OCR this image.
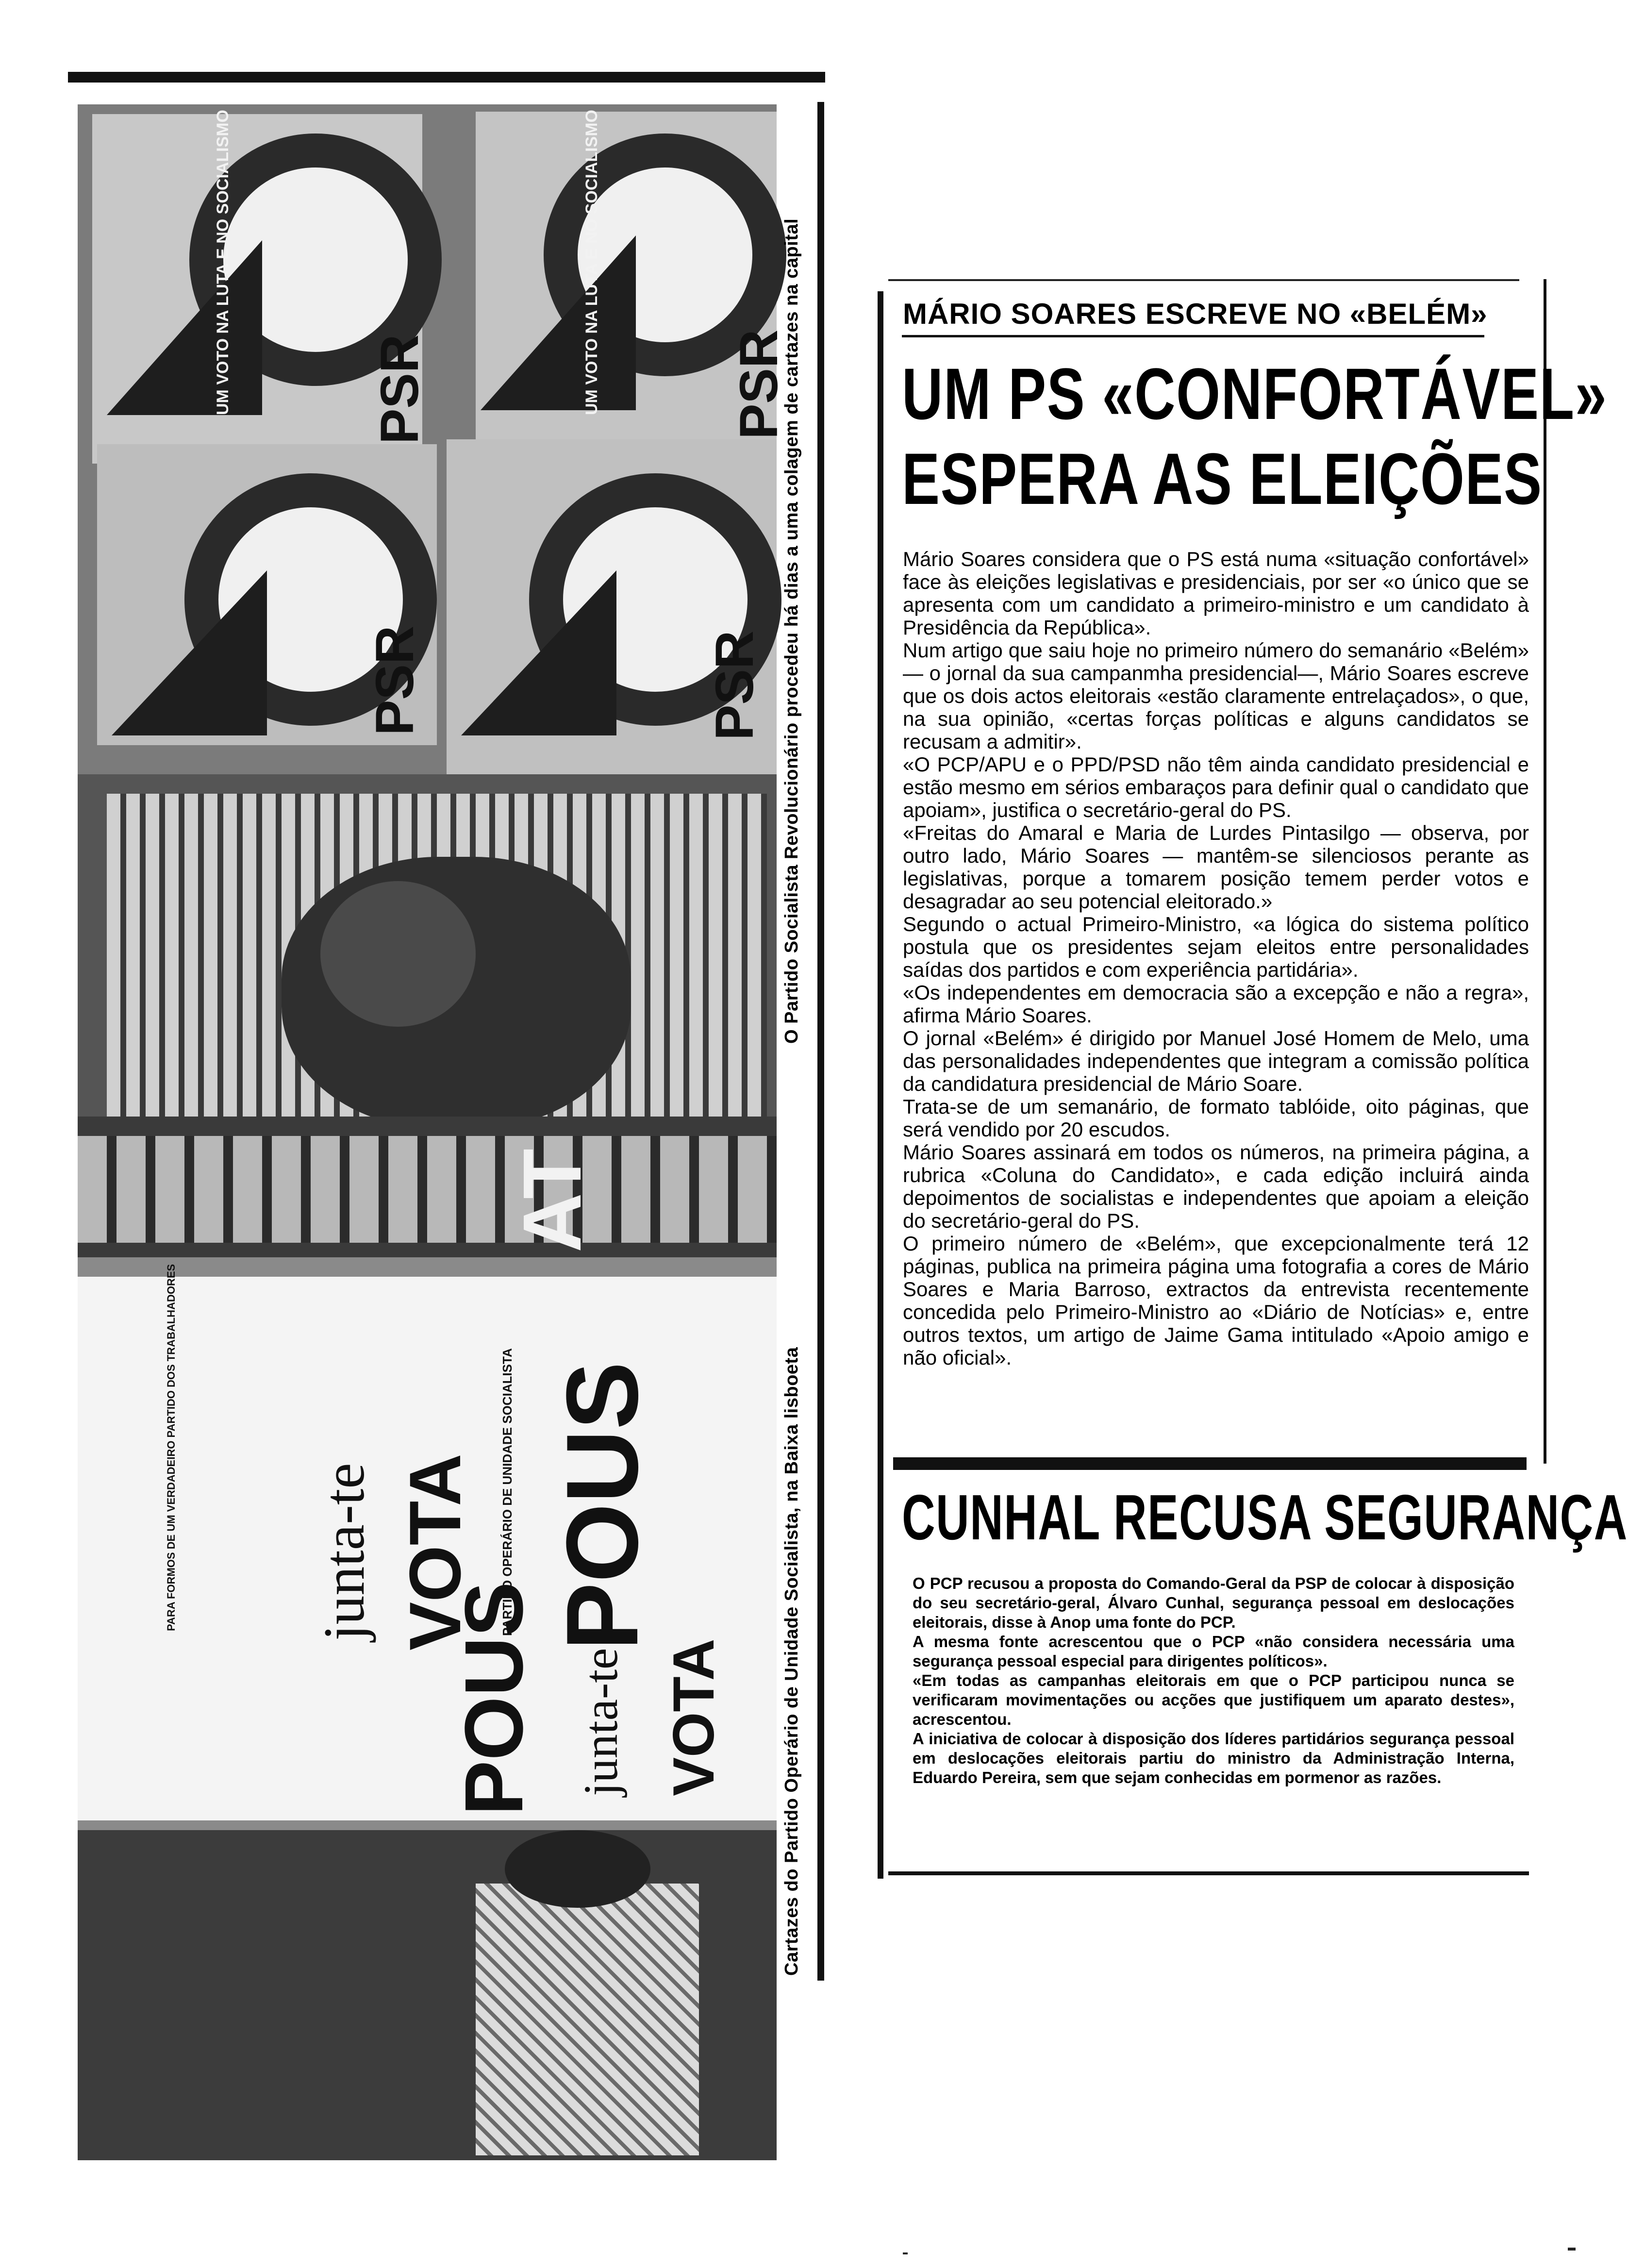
PSR	PSR
PSR	PSR
UM VOTO NA LUTA E NO SOCIALISMO	UM VOTO NA LUTA E NO SOCIALISMO
AT
POUS
VOTA
junta-te	PARTIDO OPERÁRIO DE UNIDADE SOCIALISTA
PARA FORMOS DE UM VERDADEIRO PARTIDO DOS TRABALHADORES
POUS junta-te VOTA
O Partido Socialista Revolucionário procedeu há dias a uma colagem de cartazes na capital
Cartazes do Partido Operário de Unidade Socialista, na Baixa lisboeta
MÁRIO SOARES ESCREVE NO «BELÉM»
UM PS «CONFORTÁVEL»
ESPERA AS ELEIÇÕES
Mário Soares considera que o PS está numa «situação confortável» face às eleições legislativas e presidenciais, por ser «o único que se apresenta com um candidato a primeiro-ministro e um candidato à Presidência da República».
Num artigo que saiu hoje no primeiro número do semanário «Belém» — o jornal da sua campanmha presidencial—, Mário Soares escreve que os dois actos eleitorais «estão claramente entrelaçados», o que, na sua opinião, «certas forças políticas e alguns candidatos se recusam a admitir».
«O PCP/APU e o PPD/PSD não têm ainda candidato presidencial e estão mesmo em sérios embaraços para definir qual o candidato que apoiam», justifica o secretário-geral do PS.
«Freitas do Amaral e Maria de Lurdes Pintasilgo — observa, por outro lado, Mário Soares — mantêm-se silenciosos perante as legislativas, porque a tomarem posição temem perder votos e desagradar ao seu potencial eleitorado.»
Segundo o actual Primeiro-Ministro, «a lógica do sistema político postula que os presidentes sejam eleitos entre personalidades saídas dos partidos e com experiência partidária».
«Os independentes em democracia são a excepção e não a regra», afirma Mário Soares.
O jornal «Belém» é dirigido por Manuel José Homem de Melo, uma das personalidades independentes que integram a comissão política da candidatura presidencial de Mário Soare.
Trata-se de um semanário, de formato tablóide, oito páginas, que será vendido por 20 escudos.
Mário Soares assinará em todos os números, na primeira página, a rubrica «Coluna do Candidato», e cada edição incluirá ainda depoimentos de socialistas e independentes que apoiam a eleição do secretário-geral do PS.
O primeiro número de «Belém», que excepcionalmente terá 12 páginas, publica na primeira página uma fotografia a cores de Mário Soares e Maria Barroso, extractos da entrevista recentemente concedida pelo Primeiro-Ministro ao «Diário de Notícias» e, entre outros textos, um artigo de Jaime Gama intitulado «Apoio amigo e não oficial».
CUNHAL RECUSA SEGURANÇA
O PCP recusou a proposta do Comando-Geral da PSP de colocar à disposição do seu secretário-geral, Álvaro Cunhal, segurança pessoal em deslocações eleitorais, disse à Anop uma fonte do PCP.
A mesma fonte acrescentou que o PCP «não considera necessária uma segurança pessoal especial para dirigentes políticos».
«Em todas as campanhas eleitorais em que o PCP participou nunca se verificaram movimentações ou acções que justifiquem um aparato destes», acrescentou.
A iniciativa de colocar à disposição dos líderes partidários segurança pessoal em deslocações eleitorais partiu do ministro da Administração Interna, Eduardo Pereira, sem que sejam conhecidas em pormenor as razões.
